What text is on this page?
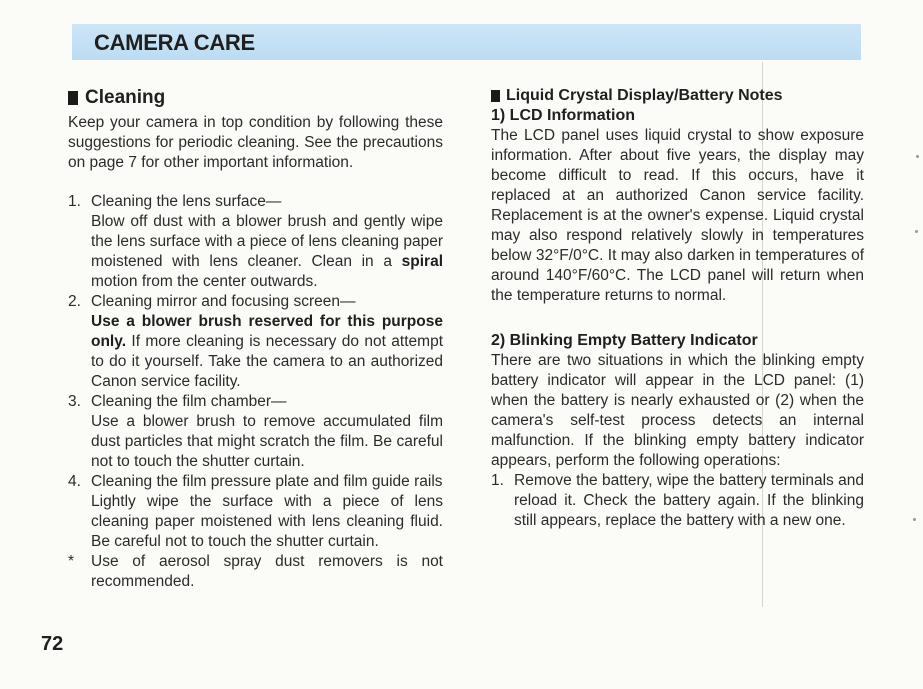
CAMERA CARE
Cleaning

Keep your camera in top condition by following these suggestions for periodic cleaning. See the precautions on page 7 for other important information.

1. Cleaning the lens surface—
Blow off dust with a blower brush and gently wipe the lens surface with a piece of lens cleaning paper moistened with lens cleaner. Clean in a spiral motion from the center outwards.
2. Cleaning mirror and focusing screen—
Use a blower brush reserved for this purpose only. If more cleaning is necessary do not attempt to do it yourself. Take the camera to an authorized Canon service facility.
3. Cleaning the film chamber—
Use a blower brush to remove accumulated film dust particles that might scratch the film. Be careful not to touch the shutter curtain.
4. Cleaning the film pressure plate and film guide rails
Lightly wipe the surface with a piece of lens cleaning paper moistened with lens cleaning fluid. Be careful not to touch the shutter curtain.
* Use of aerosol spray dust removers is not recommended.
72
Liquid Crystal Display/Battery Notes
1) LCD Information

The LCD panel uses liquid crystal to show exposure information. After about five years, the display may become difficult to read. If this occurs, have it replaced at an authorized Canon service facility. Replacement is at the owner's expense. Liquid crystal may also respond relatively slowly in temperatures below 32°F/0°C. It may also darken in temperatures of around 140°F/60°C. The LCD panel will return when the temperature returns to normal.

2) Blinking Empty Battery Indicator

There are two situations in which the blinking empty battery indicator will appear in the LCD panel: (1) when the battery is nearly exhausted or (2) when the camera's self-test process detects an internal malfunction. If the blinking empty battery indicator appears, perform the following operations:

1. Remove the battery, wipe the battery terminals and reload it. Check the battery again. If the blinking still appears, replace the battery with a new one.
